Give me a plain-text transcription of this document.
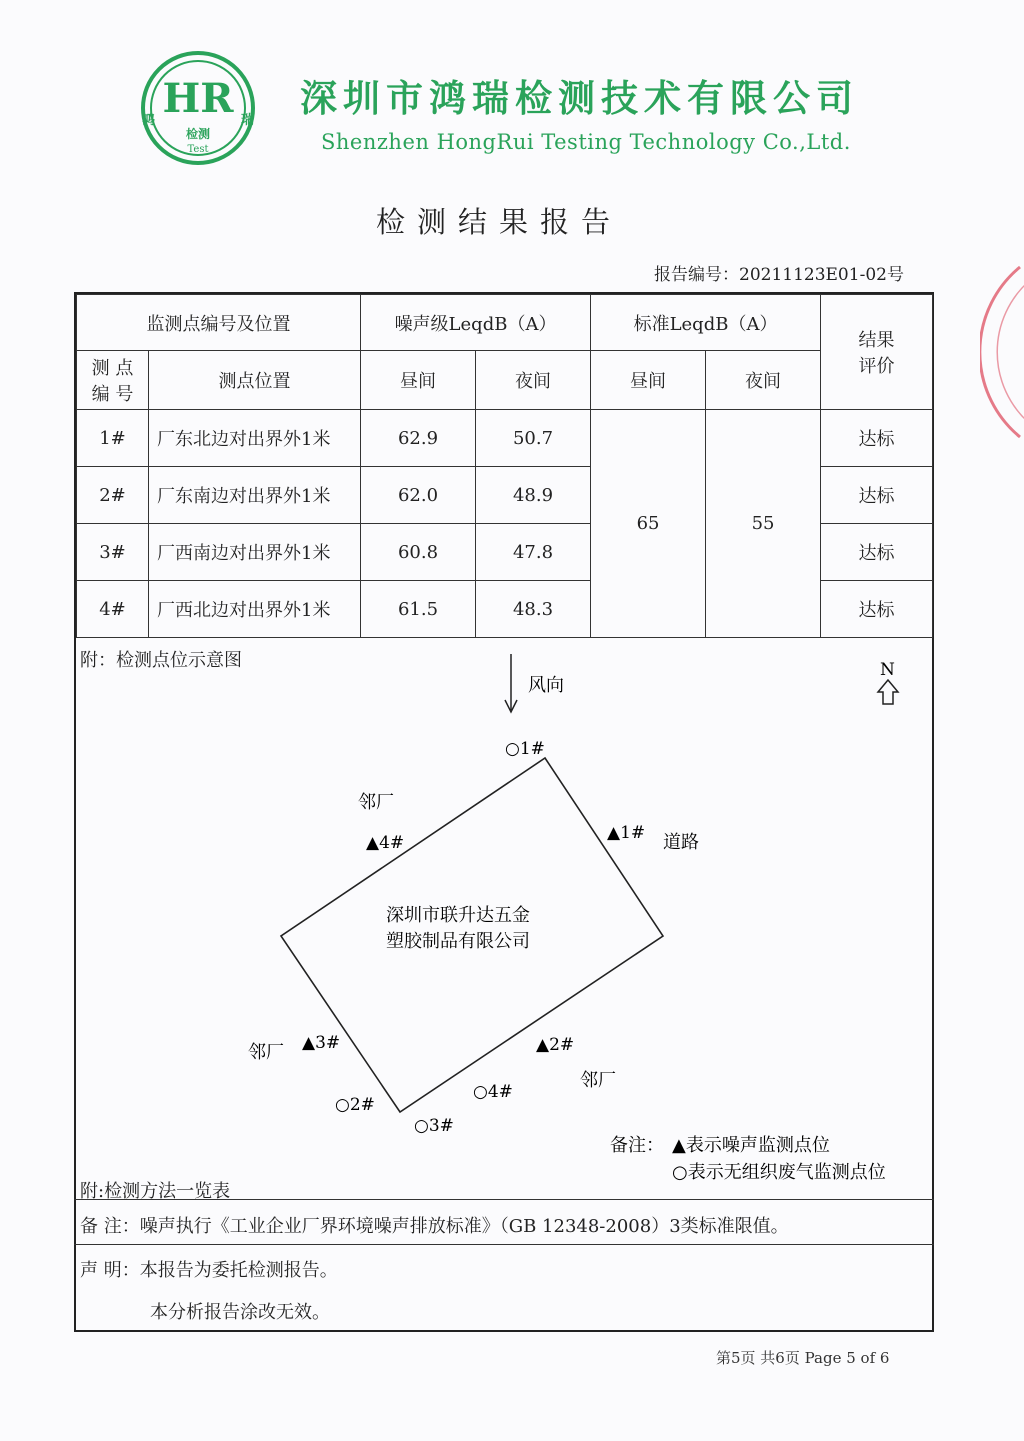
HR
鸿	瑞
检测
Test
深圳市鸿瑞检测技术有限公司
Shenzhen HongRui Testing Technology Co.,Ltd.
检测结果报告
报告编号：20211123E01-02号
监测点编号及位置		噪声级LeqdB（A）		标准LeqdB（A）		结果
评价

测 点
编 号	测点位置	昼间	夜间	昼间	夜间	
1#	厂东北边对出界外1米	62.9	50.7	65	55	达标
2#	厂东南边对出界外1米	62.0	48.9			达标
3#	厂西南边对出界外1米	60.8	47.8			达标
4#	厂西北边对出界外1米	61.5	48.3			达标
附：检测点位示意图
风向
N
深圳市联升达五金
塑胶制品有限公司
邻厂
邻厂
邻厂
道路
▲1#
▲2#
▲3#
▲4#
○1#
○2#
○3#
○4#
备注： ▲表示噪声监测点位
○表示无组织废气监测点位
附:检测方法一览表
备 注：噪声执行《工业企业厂界环境噪声排放标准》（GB 12348-2008）3类标准限值。
声 明：本报告为委托检测报告。
本分析报告涂改无效。
第5页 共6页 Page 5 of 6
